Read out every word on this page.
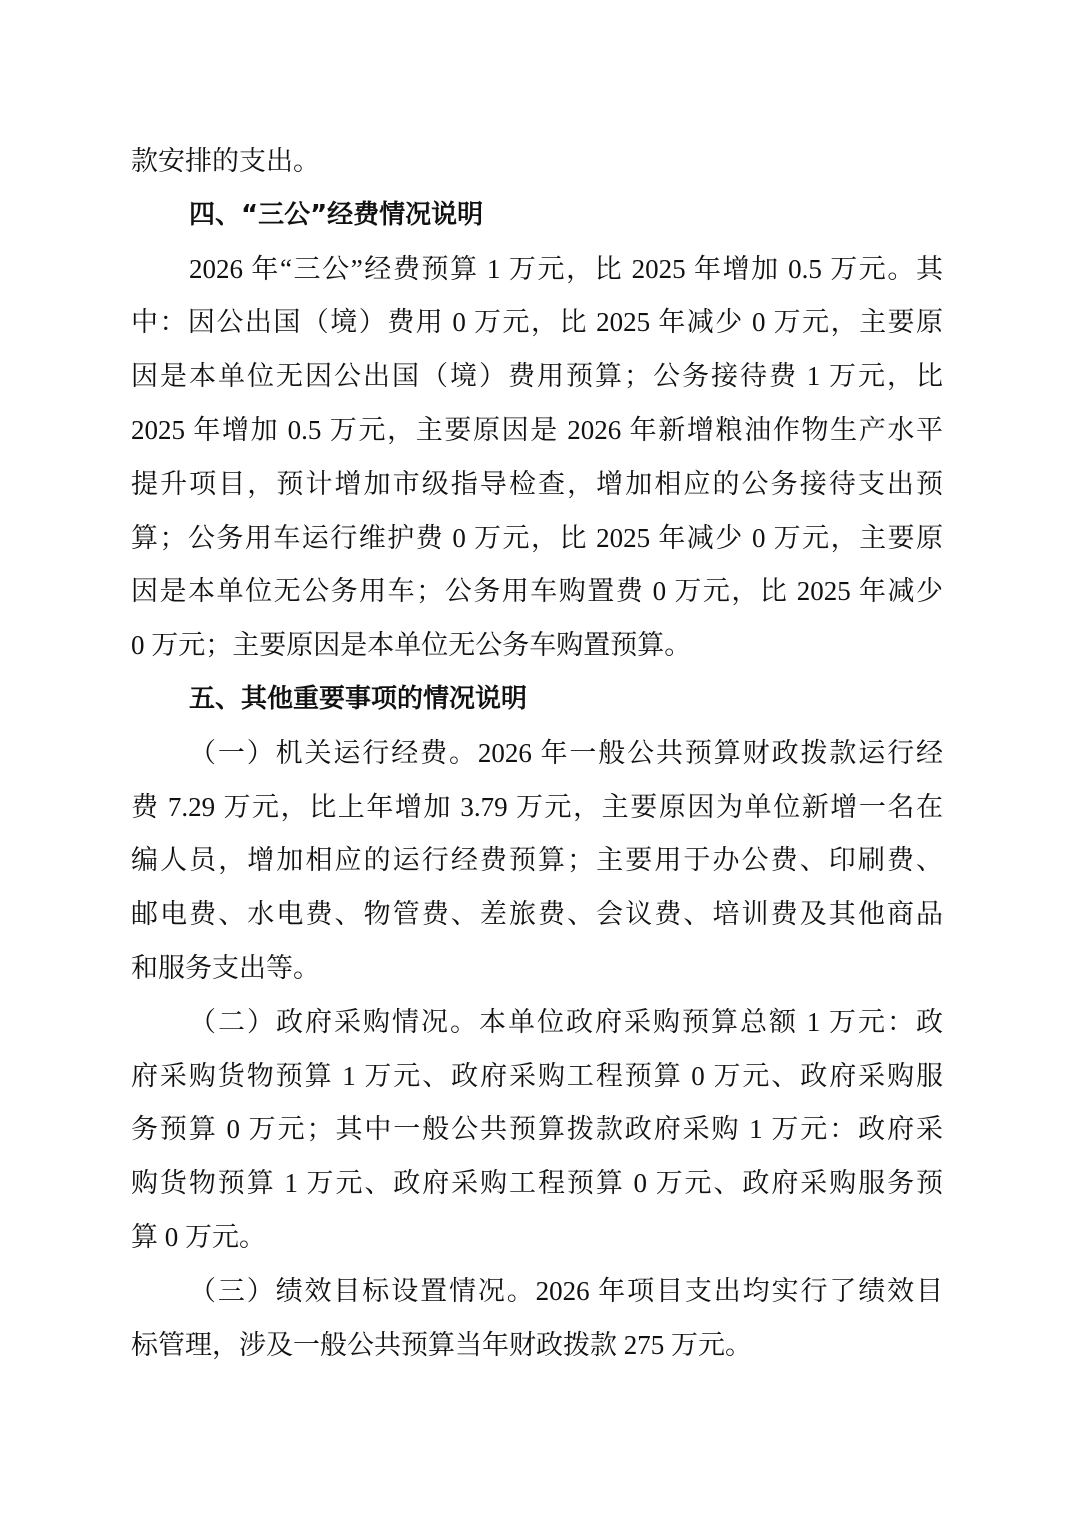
款安排的支出。
四、“三公”经费情况说明
2026 年“三公”经费预算 1 万元，比 2025 年增加 0.5 万元。其
中：因公出国（境）费用 0 万元，比 2025 年减少 0 万元，主要原
因是本单位无因公出国（境）费用预算；公务接待费 1 万元，比
2025 年增加 0.5 万元，主要原因是 2026 年新增粮油作物生产水平
提升项目，预计增加市级指导检查，增加相应的公务接待支出预
算；公务用车运行维护费 0 万元，比 2025 年减少 0 万元，主要原
因是本单位无公务用车；公务用车购置费 0 万元，比 2025 年减少
0 万元；主要原因是本单位无公务车购置预算。
五、其他重要事项的情况说明
（一）机关运行经费。2026 年一般公共预算财政拨款运行经
费 7.29 万元，比上年增加 3.79 万元，主要原因为单位新增一名在
编人员，增加相应的运行经费预算；主要用于办公费、印刷费、
邮电费、水电费、物管费、差旅费、会议费、培训费及其他商品
和服务支出等。
（二）政府采购情况。本单位政府采购预算总额 1 万元：政
府采购货物预算 1 万元、政府采购工程预算 0 万元、政府采购服
务预算 0 万元；其中一般公共预算拨款政府采购 1 万元：政府采
购货物预算 1 万元、政府采购工程预算 0 万元、政府采购服务预
算 0 万元。
（三）绩效目标设置情况。2026 年项目支出均实行了绩效目
标管理，涉及一般公共预算当年财政拨款 275 万元。
